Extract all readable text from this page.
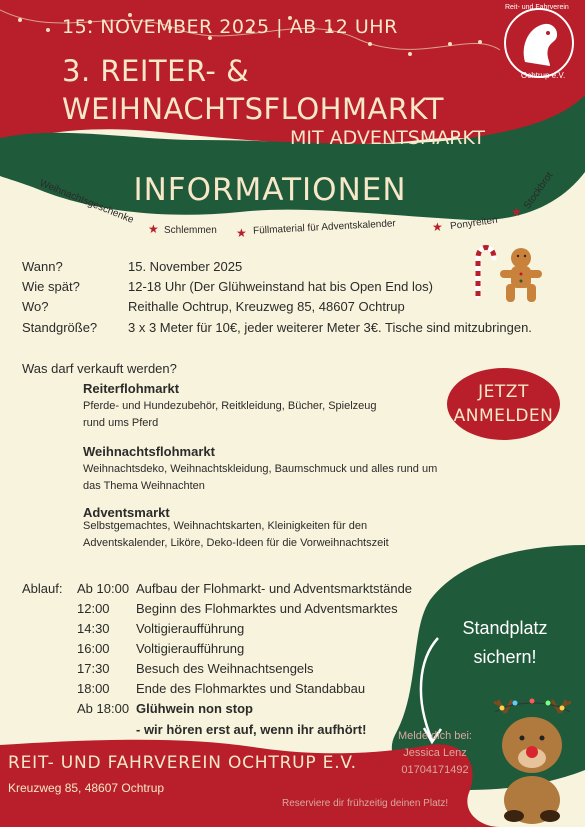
Reit- und Fahrverein
Ochtrup e.V.
15. NOVEMBER 2025 | AB 12 UHR
3. REITER- &
WEIHNACHTSFLOHMARKT
MIT ADVENTSMARKT
INFORMATIONEN
Weihnachtsgeschenke
★ Schlemmen ★ Füllmaterial für Adventskalender	★ Ponyreiten
★
Stockbrot
Wann?	15. November 2025
Wie spät?	12-18 Uhr (Der Glühweinstand hat bis Open End los)
Wo?	Reithalle Ochtrup, Kreuzweg 85, 48607 Ochtrup
Standgröße? 3 x 3 Meter für 10€, jeder weiterer Meter 3€. Tische sind mitzubringen.
Was darf verkauft werden?
Reiterflohmarkt
Pferde- und Hundezubehör, Reitkleidung, Bücher, Spielzeug
rund ums Pferd
Weihnachtsflohmarkt
Weihnachtsdeko, Weihnachtskleidung, Baumschmuck und alles rund um
das Thema Weihnachten
Adventsmarkt
Selbstgemachtes, Weihnachtskarten, Kleinigkeiten für den
Adventskalender, Liköre, Deko-Ideen für die Vorweihnachtszeit
JETZT
ANMELDEN
Ablauf: Ab 10:00 Aufbau der Flohmarkt- und Adventsmarktstände
12:00 Beginn des Flohmarktes und Adventsmarktes
14:30 Voltigieraufführung
16:00 Voltigieraufführung
17:30 Besuch des Weihnachtsengels
18:00 Ende des Flohmarktes und Standabbau
Ab 18:00 Glühwein non stop
- wir hören erst auf, wenn ihr aufhört!
Standplatz
sichern!
Melde dich bei:
Jessica Lenz 01704171492
REIT- UND FAHRVEREIN OCHTRUP E.V.
Kreuzweg 85, 48607 Ochtrup
Reserviere dir frühzeitig deinen Platz!
